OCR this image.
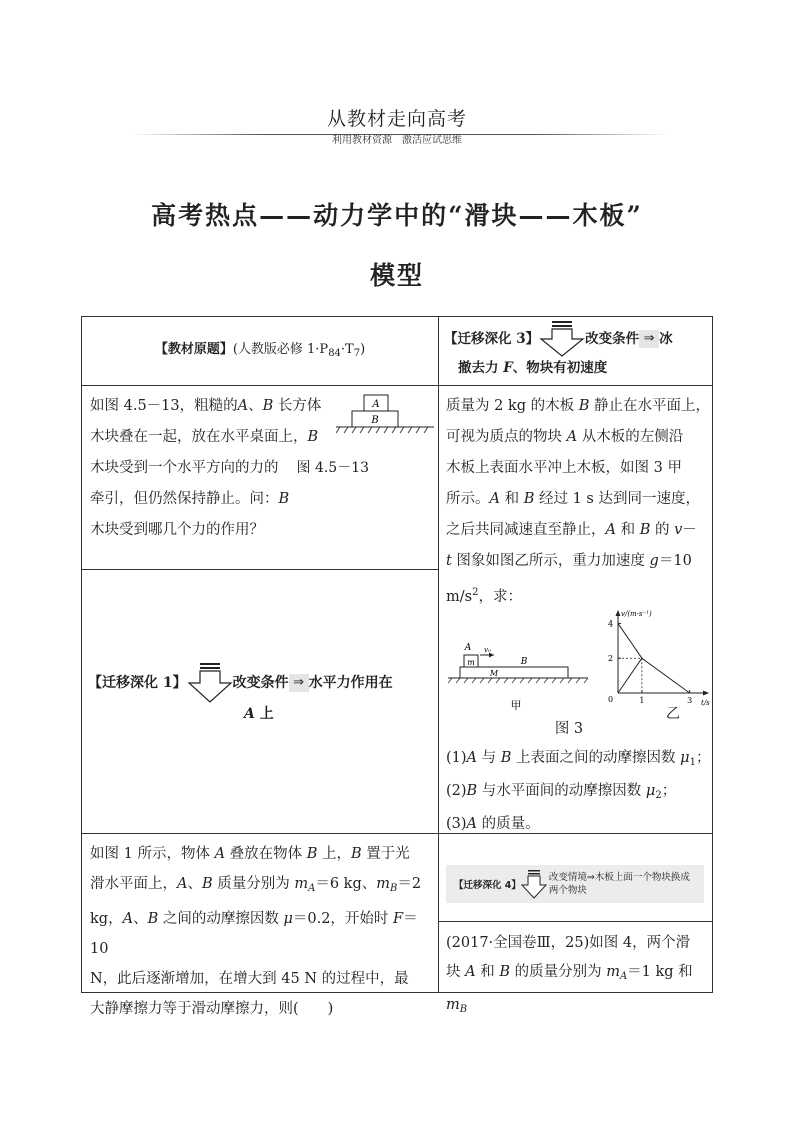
从教材走向高考
利用教材资源　激活应试思维
高考热点——动力学中的“滑块——木板”
模型
【教材原题】(人教版必修 $1\cdot P_{84}\cdot T_7$)
【迁移深化 3】	改变条件 ⇒ 冰
撤去力 F、物块有初速度
如图 4.5－13，粗糙的A、B 长方体
木块叠在一起，放在水平桌面上，B
木块受到一个水平方向的力的 图 4.5－13
牵引，但仍然保持静止。问：B
木块受到哪几个力的作用？
A
B
【迁移深化 1】	改变条件 ⇒ 水平力作用在
A 上
如图 1 所示，物体 A 叠放在物体 B 上，B 置于光
滑水平面上，A、B 质量分别为 $m_A=6$ kg、$m_B=2$
kg，A、B 之间的动摩擦因数 μ＝0.2，开始时 F＝10
N，此后逐渐增加，在增大到 45 N 的过程中，最
大静摩擦力等于滑动摩擦力，则(　　)
质量为 2 kg 的木板 B 静止在水平面上，
可视为质点的物块 A 从木板的左侧沿
木板上表面水平冲上木板，如图 3 甲
所示。A 和 B 经过 1 s 达到同一速度，
之后共同减速直至静止，A 和 B 的 v－
t 图象如图乙所示，重力加速度 g＝10
$m/s^2$，求：
m
A v₀
B
M
甲
v/(m·s⁻¹)
t/s
4
2
0	1	3
乙
图 3
(1)A 与 B 上表面之间的动摩擦因数 $\mu_1$；
(2)B 与水平面间的动摩擦因数 $\mu_2$；
(3)A 的质量。
【迁移深化 4】
改变情境⇒木板上面一个物块换成
两个物块
(2017·全国卷Ⅲ，25)如图 4，两个滑
块 A 和 B 的质量分别为 $m_A=1$ kg 和 $m_B$
